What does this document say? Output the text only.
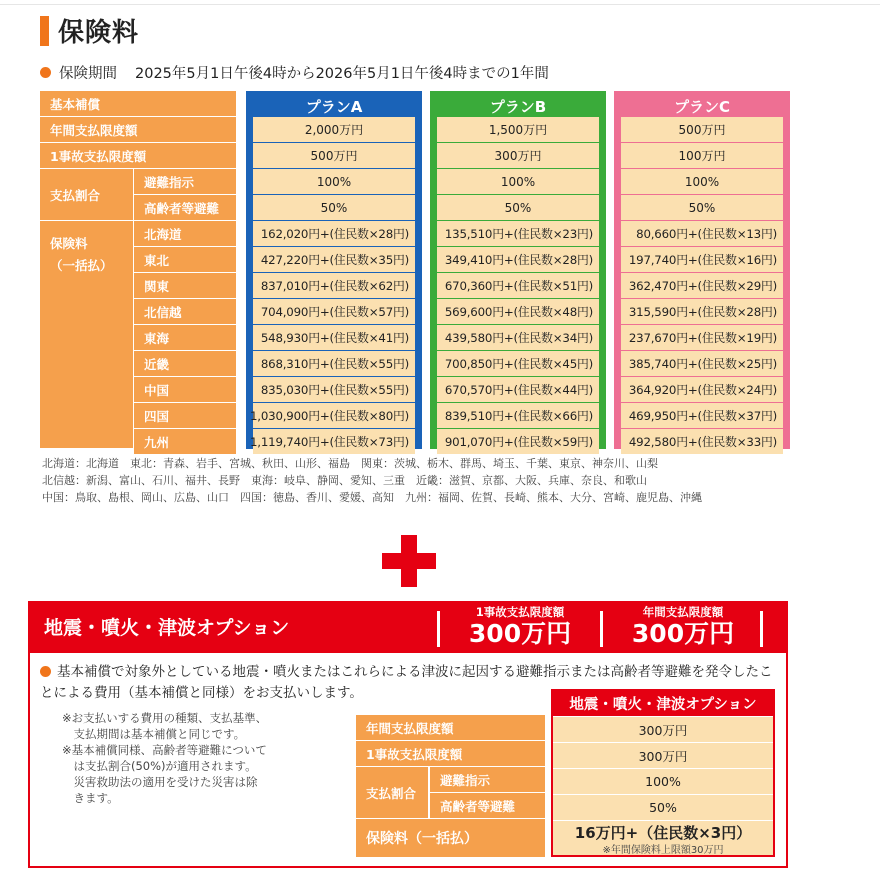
保険料
保険期間 2025年5月1日午後4時から2026年5月1日午後4時までの1年間
基本補償
年間支払限度額
1事故支払限度額
支払割合
避難指示
高齢者等避難
保険料
（一括払）
北海道
東北
関東
北信越
東海
近畿
中国
四国
九州
プランA
2,000万円
500万円
100%
50%
162,020円+(住民数×28円)
427,220円+(住民数×35円)
837,010円+(住民数×62円)
704,090円+(住民数×57円)
548,930円+(住民数×41円)
868,310円+(住民数×55円)
835,030円+(住民数×55円)
1,030,900円+(住民数×80円)
1,119,740円+(住民数×73円)
プランB
1,500万円
300万円
100%
50%
135,510円+(住民数×23円)
349,410円+(住民数×28円)
670,360円+(住民数×51円)
569,600円+(住民数×48円)
439,580円+(住民数×34円)
700,850円+(住民数×45円)
670,570円+(住民数×44円)
839,510円+(住民数×66円)
901,070円+(住民数×59円)
プランC
500万円
100万円
100%
50%
80,660円+(住民数×13円)
197,740円+(住民数×16円)
362,470円+(住民数×29円)
315,590円+(住民数×28円)
237,670円+(住民数×19円)
385,740円+(住民数×25円)
364,920円+(住民数×24円)
469,950円+(住民数×37円)
492,580円+(住民数×33円)
北海道：北海道　東北：青森、岩手、宮城、秋田、山形、福島　関東：茨城、栃木、群馬、埼玉、千葉、東京、神奈川、山梨
北信越：新潟、富山、石川、福井、長野　東海：岐阜、静岡、愛知、三重　近畿：滋賀、京都、大阪、兵庫、奈良、和歌山
中国：鳥取、島根、岡山、広島、山口　四国：徳島、香川、愛媛、高知　九州：福岡、佐賀、長崎、熊本、大分、宮崎、鹿児島、沖縄
地震・噴火・津波オプション
1事故支払限度額
300万円
年間支払限度額
300万円
基本補償で対象外としている地震・噴火またはこれらによる津波に起因する避難指示または高齢者等避難を発令したことによる費用（基本補償と同様）をお支払いします。
※お支払いする費用の種類、支払基準、
　支払期間は基本補償と同じです。
※基本補償同様、高齢者等避難について
　は支払割合(50%)が適用されます。
　災害救助法の適用を受けた災害は除
　きます。
年間支払限度額
1事故支払限度額
支払割合
避難指示
高齢者等避難
保険料（一括払）
地震・噴火・津波オプション
300万円
300万円
100%
50%
16万円+（住民数×3円）
※年間保険料上限額30万円
